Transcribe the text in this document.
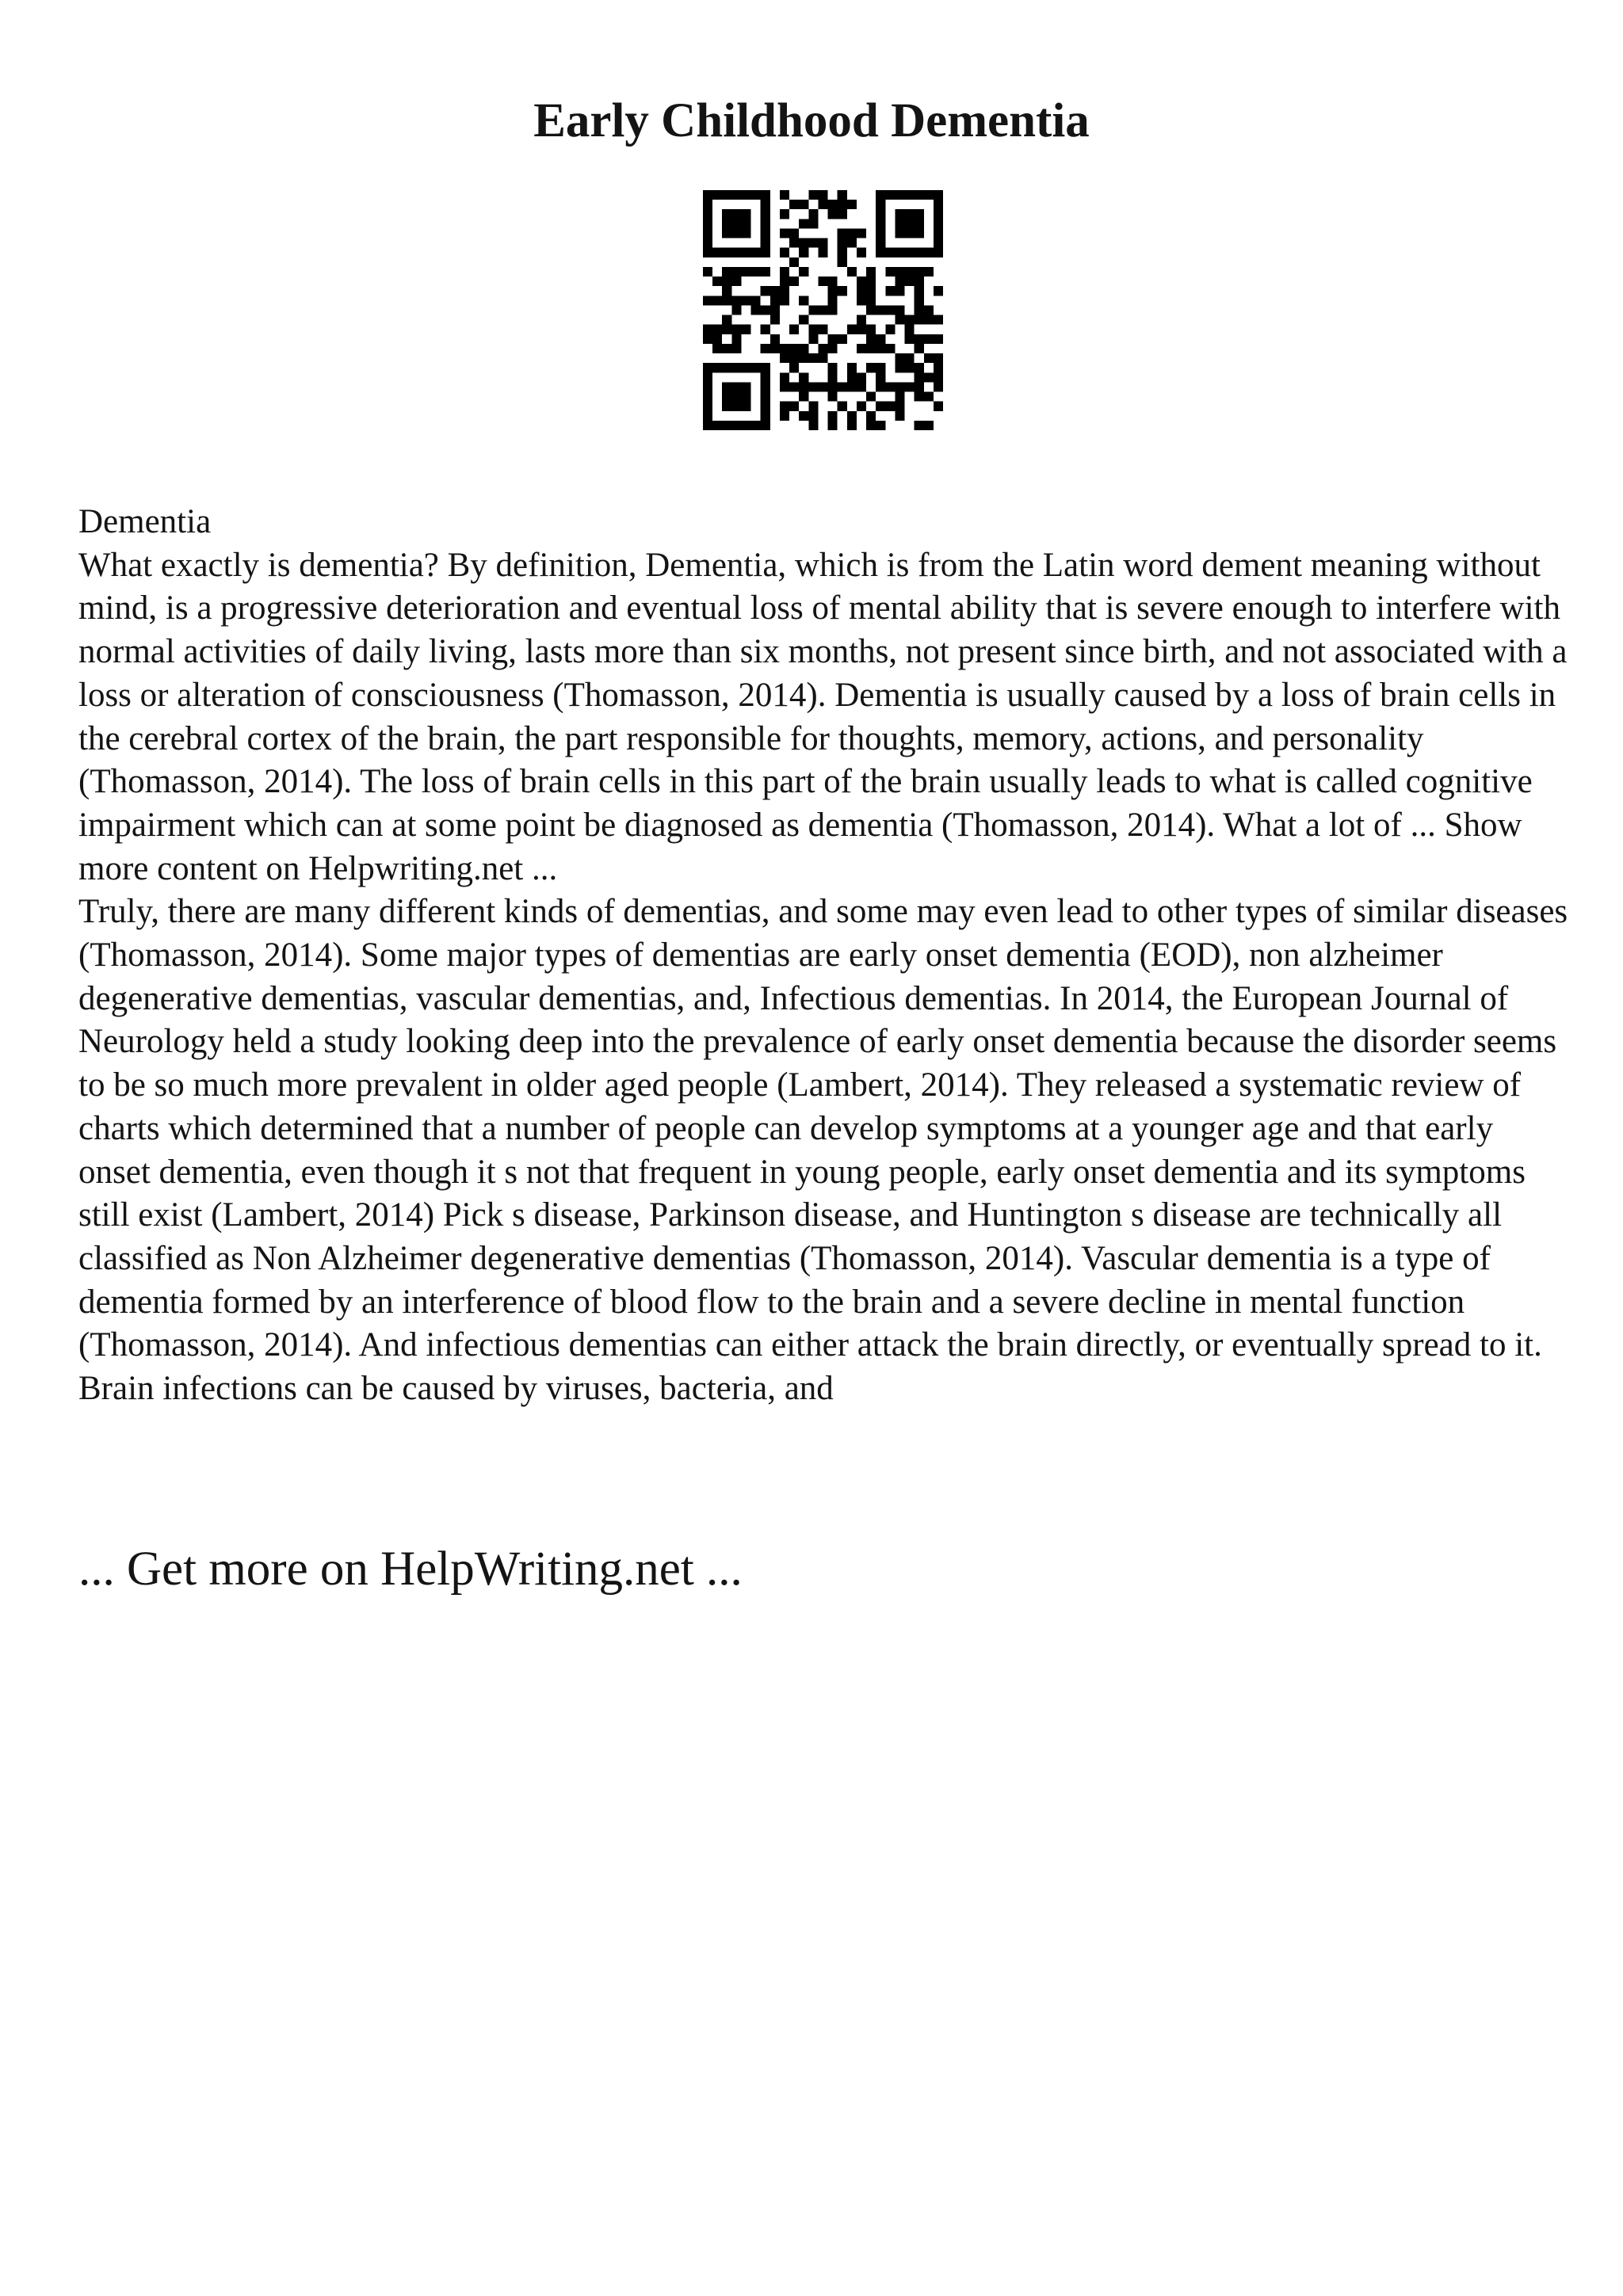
Early Childhood Dementia

Dementia

What exactly is dementia? By definition, Dementia, which is from the Latin word dement meaning without mind, is a progressive deterioration and eventual loss of mental ability that is severe enough to interfere with normal activities of daily living, lasts more than six months, not present since birth, and not associated with a loss or alteration of consciousness (Thomasson, 2014). Dementia is usually caused by a loss of brain cells in the cerebral cortex of the brain, the part responsible for thoughts, memory, actions, and personality (Thomasson, 2014). The loss of brain cells in this part of the brain usually leads to what is called cognitive impairment which can at some point be diagnosed as dementia (Thomasson, 2014). What a lot of ... Show more content on Helpwriting.net ...

Truly, there are many different kinds of dementias, and some may even lead to other types of similar diseases (Thomasson, 2014). Some major types of dementias are early onset dementia (EOD), non alzheimer degenerative dementias, vascular dementias, and, Infectious dementias. In 2014, the European Journal of Neurology held a study looking deep into the prevalence of early onset dementia because the disorder seems to be so much more prevalent in older aged people (Lambert, 2014). They released a systematic review of charts which determined that a number of people can develop symptoms at a younger age and that early onset dementia, even though it s not that frequent in young people, early onset dementia and its symptoms still exist (Lambert, 2014) Pick s disease, Parkinson disease, and Huntington s disease are technically all classified as Non Alzheimer degenerative dementias (Thomasson, 2014). Vascular dementia is a type of dementia formed by an interference of blood flow to the brain and a severe decline in mental function (Thomasson, 2014). And infectious dementias can either attack the brain directly, or eventually spread to it. Brain infections can be caused by viruses, bacteria, and

... Get more on HelpWriting.net ...
